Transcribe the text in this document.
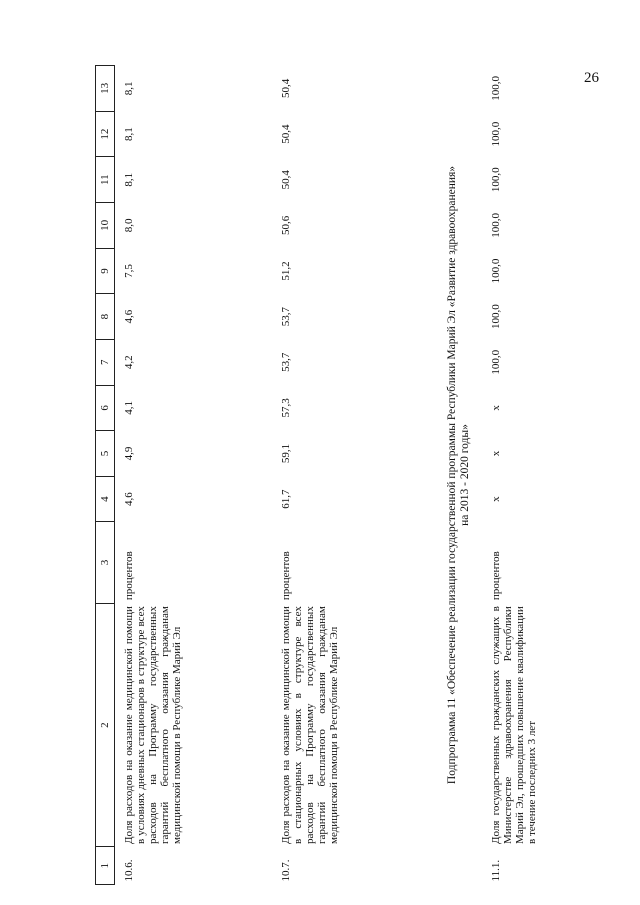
26
1	2	3	4	5	6	7	8	9	10	11	12	13
10.6.	Доля расходов на оказание медицинской помощи в условиях дневных стационаров в структуре всех расходов на Программу государственных гарантий бесплатного оказания гражданам медицинской помощи в Республике Марий Эл	процентов	4,6	4,9	4,1	4,2	4,6	7,5	8,0	8,1	8,1	8,1
10.7.	Доля расходов на оказание медицинской помощи в стационарных условиях в структуре всех расходов на Программу государственных гарантий бесплатного оказания гражданам медицинской помощи в Республике Марий Эл	процентов	61,7	59,1	57,3	53,7	53,7	51,2	50,6	50,4	50,4	50,4

Подпрограмма 11 «Обеспечение реализации государственной программы Республики Марий Эл «Развитие здравоохранения» на 2013 - 2020 годы»												

11.1.	Доля государственных гражданских служащих в Министерстве здравоохранения Республики Марий Эл, прошедших повышение квалификации в течение последних 3 лет	процентов	x	x	x	100,0	100,0	100,0	100,0	100,0	100,0	100,0
